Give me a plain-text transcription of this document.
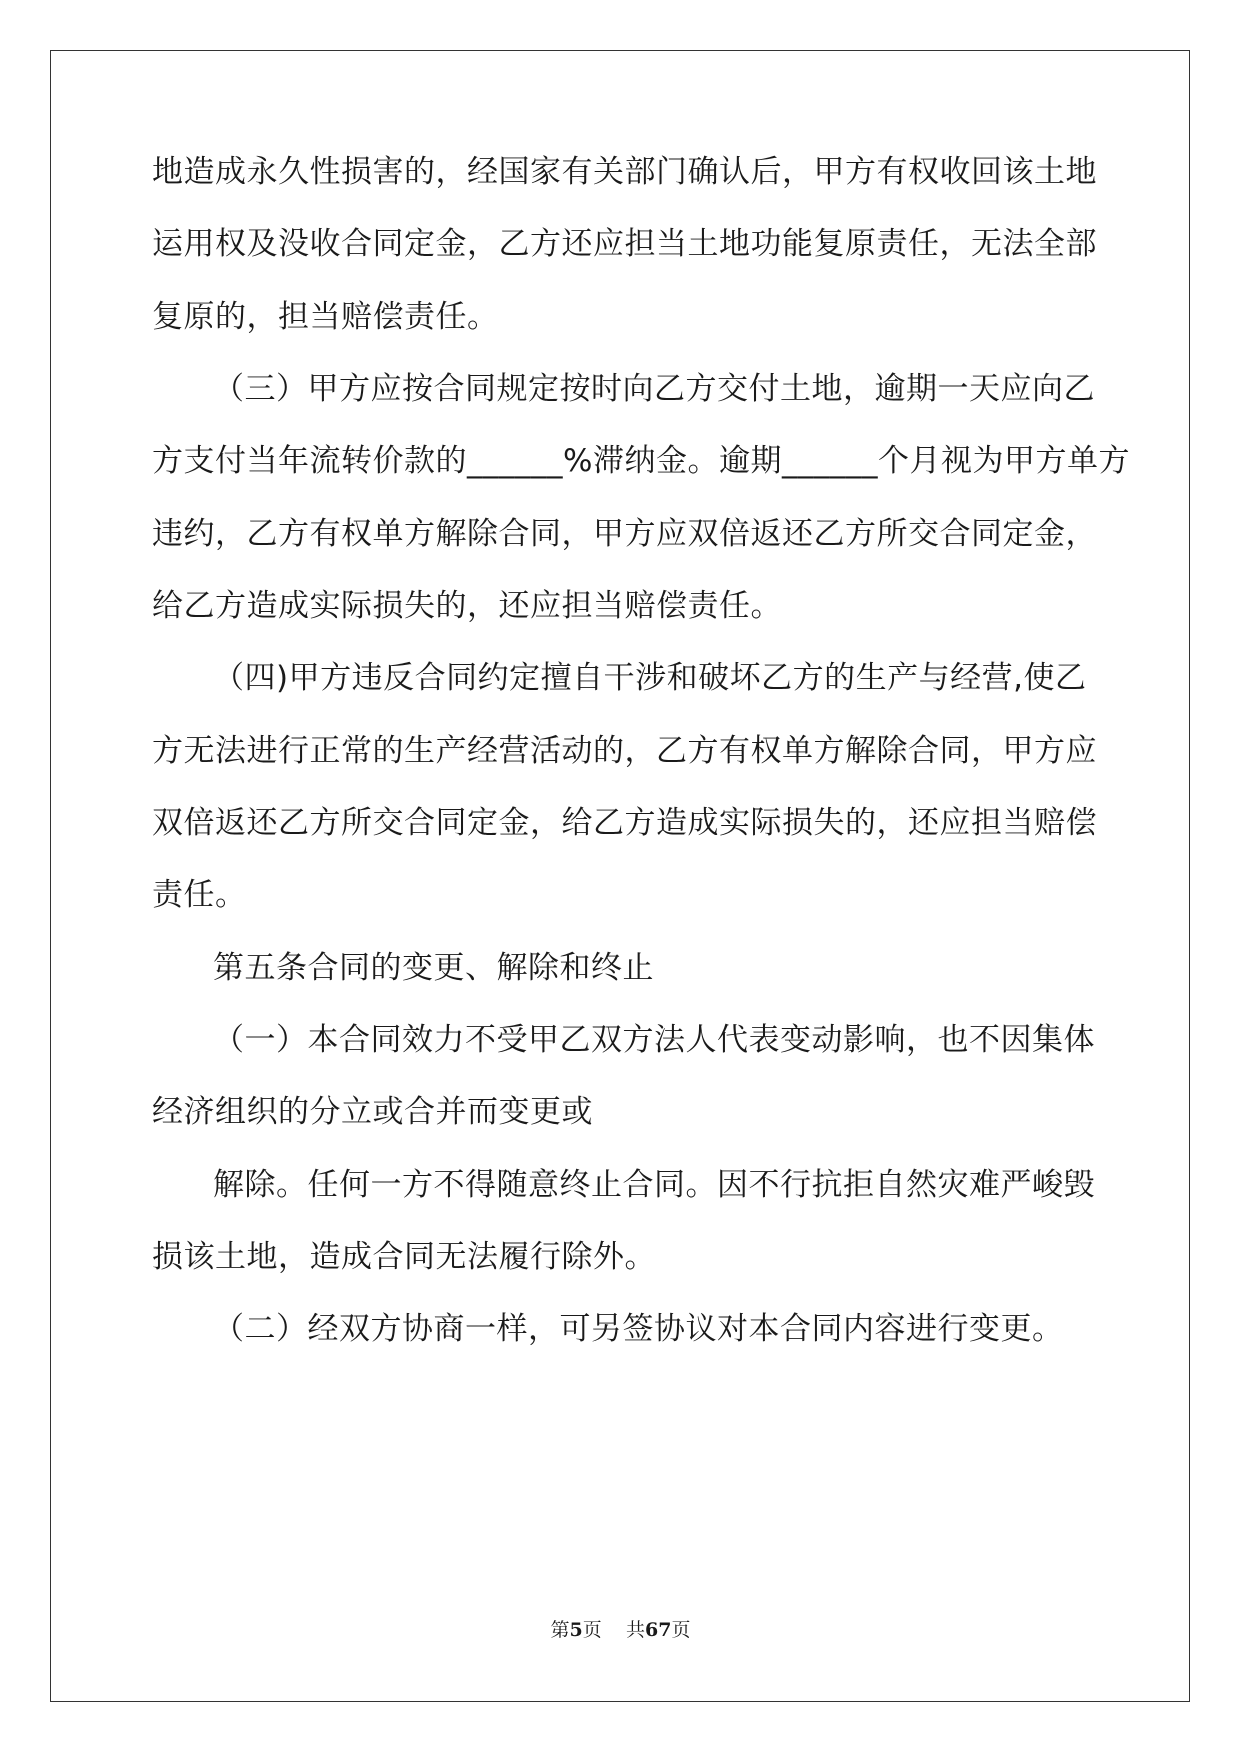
地造成永久性损害的，经国家有关部门确认后，甲方有权收回该土地
运用权及没收合同定金，乙方还应担当土地功能复原责任，无法全部
复原的，担当赔偿责任。
（三）甲方应按合同规定按时向乙方交付土地，逾期一天应向乙
方支付当年流转价款的______%滞纳金。逾期______个月视为甲方单方
违约，乙方有权单方解除合同，甲方应双倍返还乙方所交合同定金，
给乙方造成实际损失的，还应担当赔偿责任。
（四)甲方违反合同约定擅自干涉和破坏乙方的生产与经营,使乙
方无法进行正常的生产经营活动的，乙方有权单方解除合同，甲方应
双倍返还乙方所交合同定金，给乙方造成实际损失的，还应担当赔偿
责任。
第五条合同的变更、解除和终止
（一）本合同效力不受甲乙双方法人代表变动影响，也不因集体
经济组织的分立或合并而变更或
解除。任何一方不得随意终止合同。因不行抗拒自然灾难严峻毁
损该土地，造成合同无法履行除外。
（二）经双方协商一样，可另签协议对本合同内容进行变更。
第5页 共67页
